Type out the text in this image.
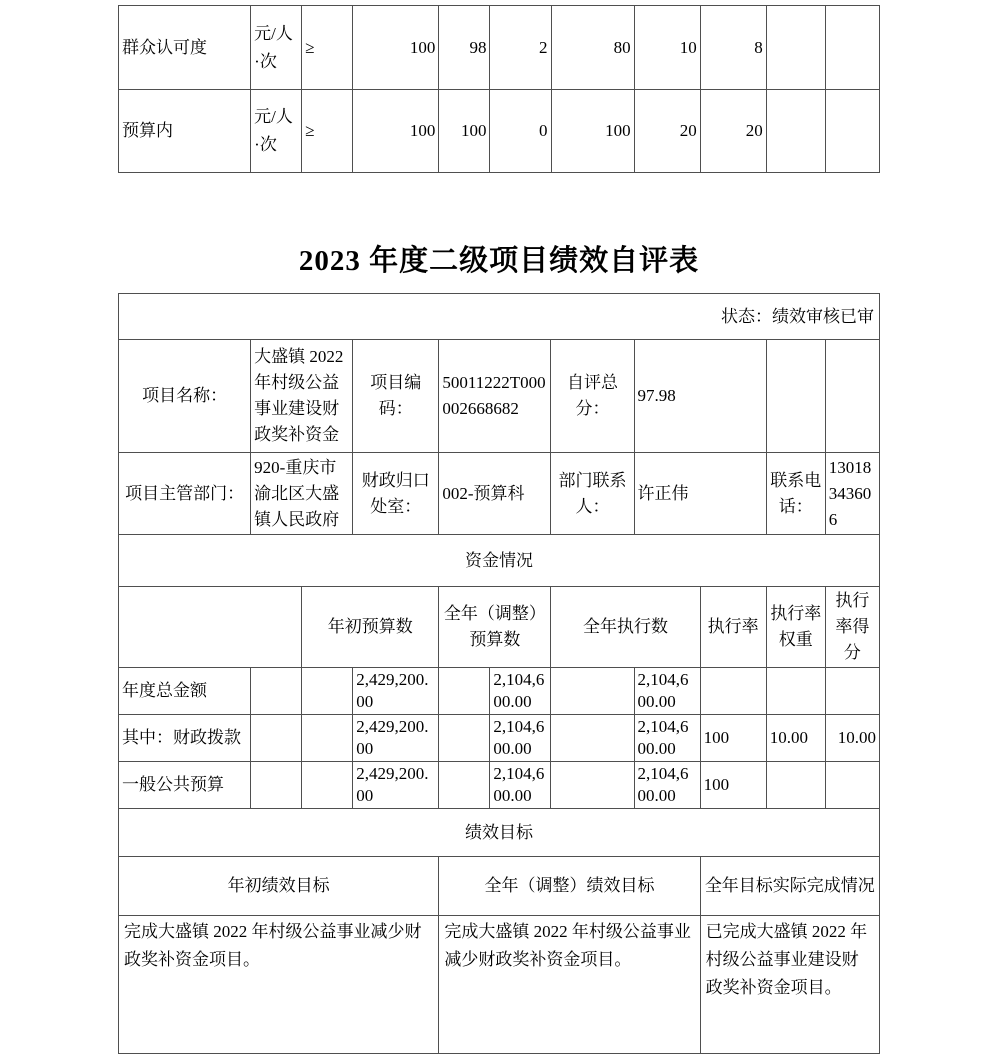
群众认可度	元/人·次	≥	100	98	2	80	10	8		
预算内	元/人·次	≥	100	100	0	100	20	20		
2023 年度二级项目绩效自评表
状态：绩效审核已审										
项目名称：	大盛镇 2022 年村级公益事业建设财政奖补资金		项目编码：	50011222T000002668682		自评总分：	97.98			
项目主管部门：	920-重庆市渝北区大盛镇人民政府		财政归口处室：	002-预算科		部门联系人：	许正伟		联系电话：	13018343606
资金情况										
		年初预算数		全年（调整）预算数		全年执行数		执行率	执行率权重	执行率得分
年度总金额			2,429,200.00		2,104,600.00		2,104,600.00			
其中：财政拨款			2,429,200.00		2,104,600.00		2,104,600.00	100	10.00	10.00
一般公共预算			2,429,200.00		2,104,600.00		2,104,600.00	100		
绩效目标										
年初绩效目标				全年（调整）绩效目标				全年目标实际完成情况		
完成大盛镇 2022 年村级公益事业减少财政奖补资金项目。				完成大盛镇 2022 年村级公益事业减少财政奖补资金项目。				已完成大盛镇 2022 年村级公益事业建设财政奖补资金项目。		
